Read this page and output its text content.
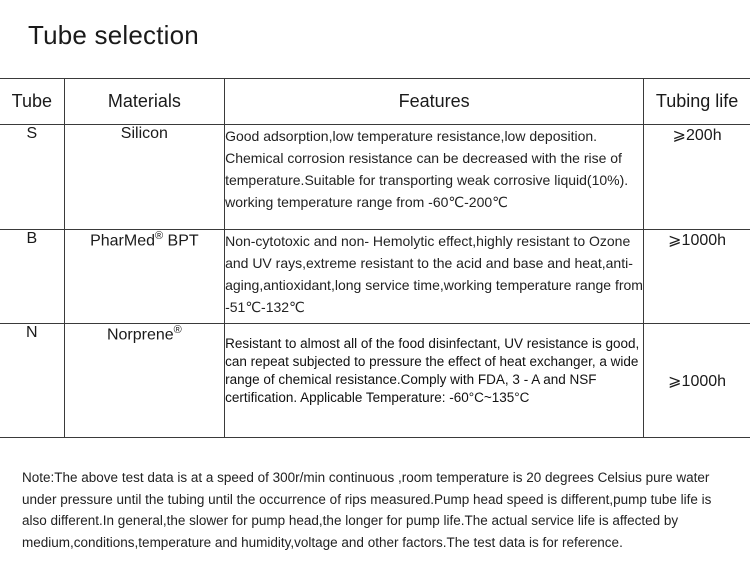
Tube selection
Tube	Materials	Features	Tubing life
S	Silicon	Good adsorption,low temperature resistance,low deposition. Chemical corrosion resistance can be decreased with the rise of temperature.Suitable for transporting weak corrosive liquid(10%). working temperature range from -60℃-200℃	⩾200h
B	PharMed® BPT	Non-cytotoxic and non- Hemolytic effect,highly resistant to Ozone and UV rays,extreme resistant to the acid and base and heat,anti-aging,antioxidant,long service time,working temperature range from -51℃-132℃	⩾1000h
N	Norprene®	Resistant to almost all of the food disinfectant, UV resistance is good, can repeat subjected to pressure the effect of heat exchanger, a wide range of chemical resistance.Comply with FDA, 3 - A and NSF certification. Applicable Temperature: -60°C~135°C	⩾1000h

Note:The above test data is at a speed of 300r/min continuous ,room temperature is 20 degrees Celsius pure water under pressure until the tubing until the occurrence of rips measured.Pump head speed is different,pump tube life is also different.In general,the slower for pump head,the longer for pump life.The actual service life is affected by medium,conditions,temperature and humidity,voltage and other factors.The test data is for reference.
